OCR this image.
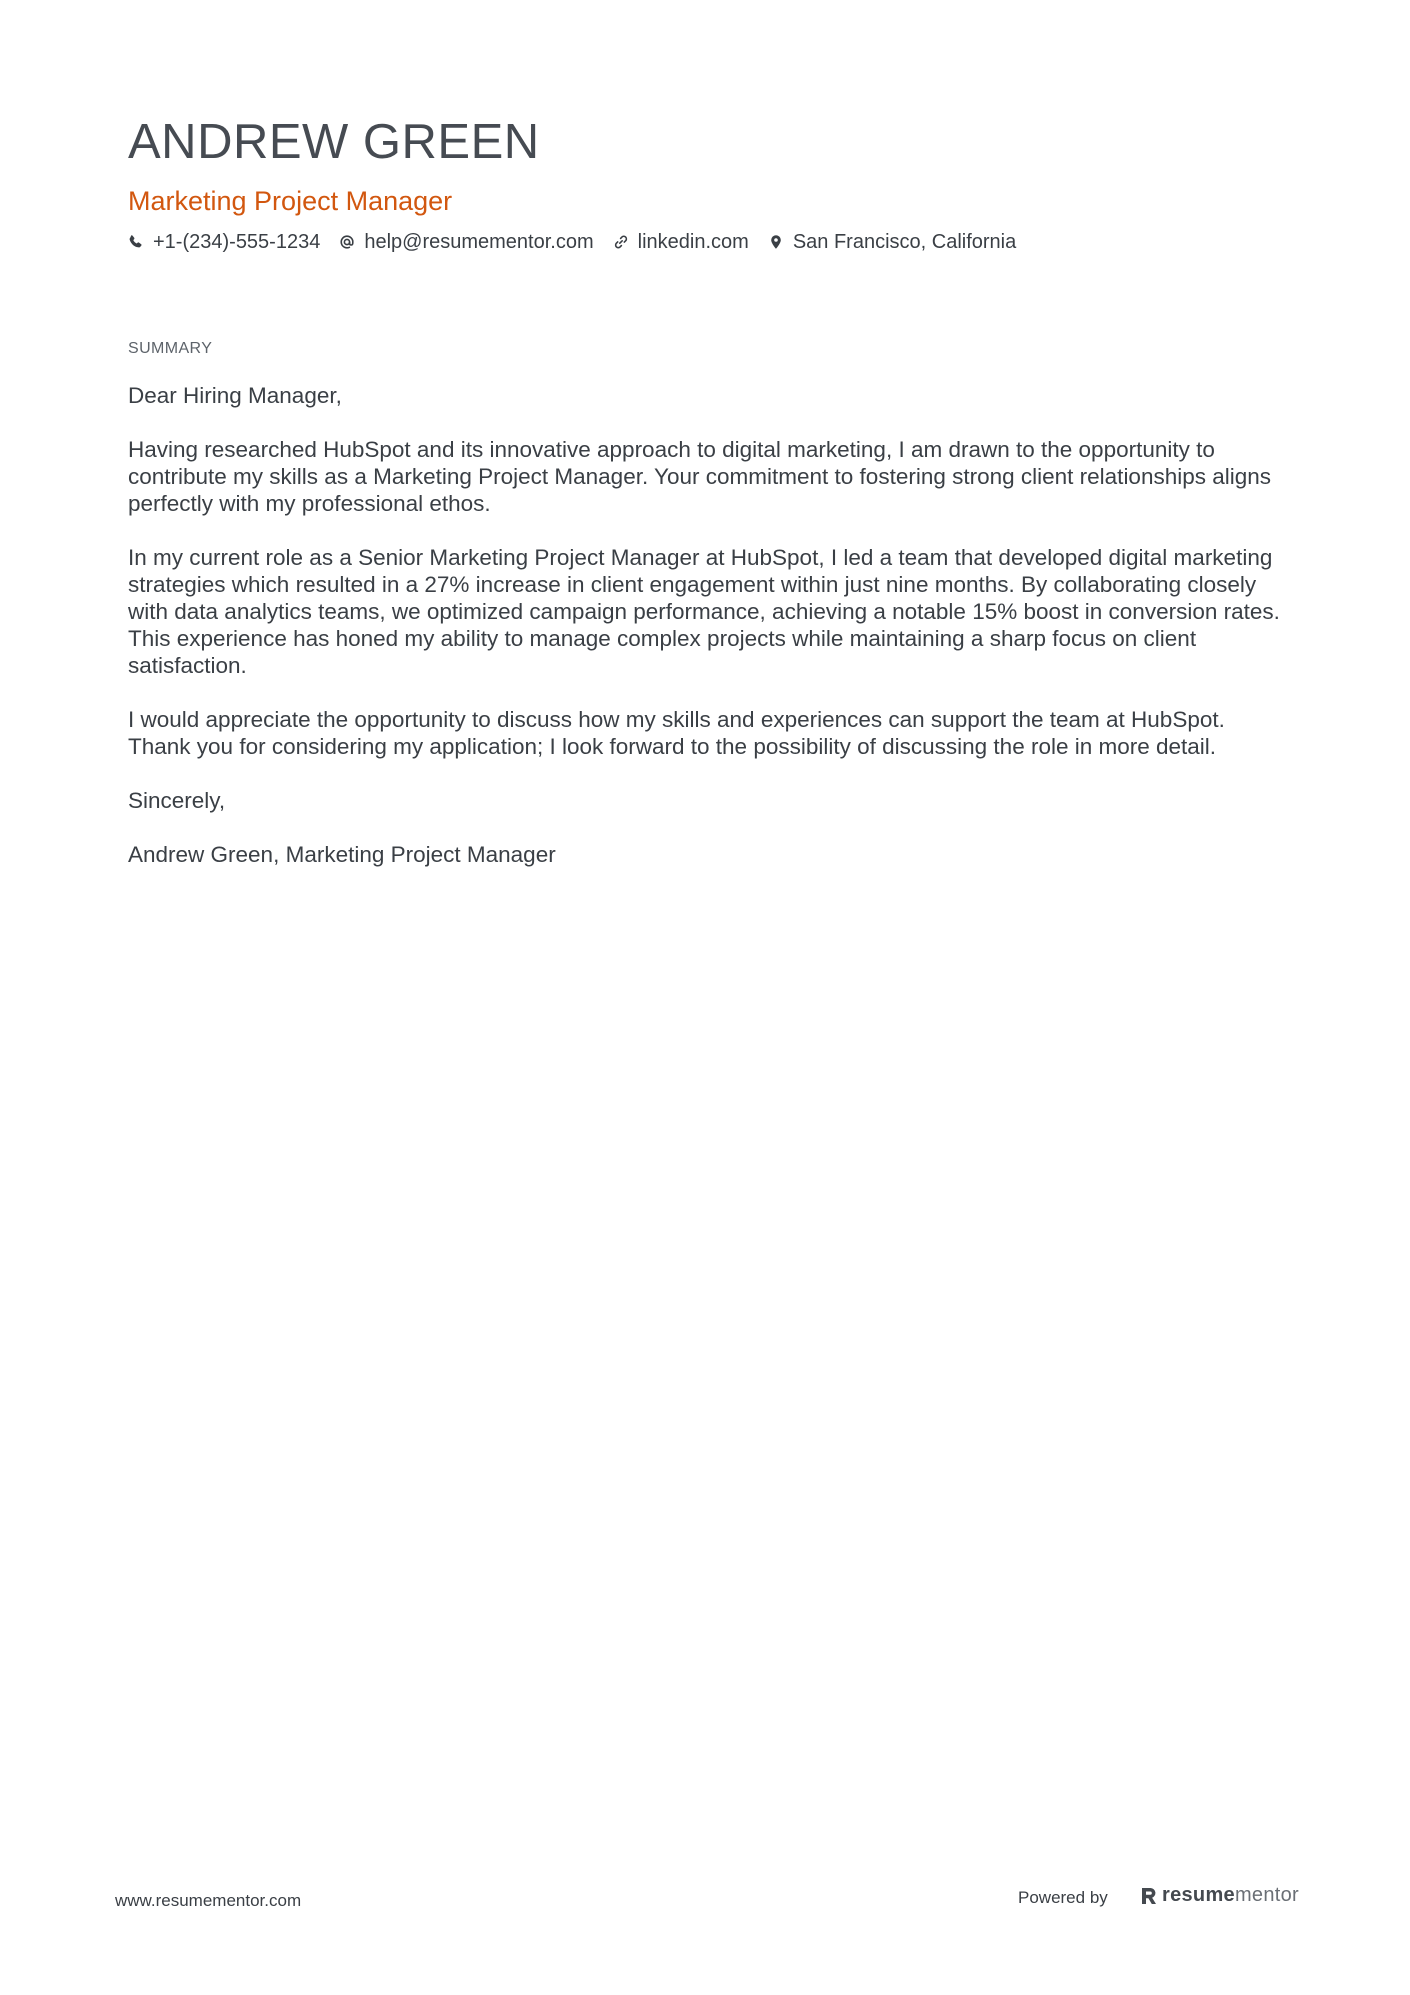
ANDREW GREEN
Marketing Project Manager
+1-(234)-555-1234 help@resumementor.com linkedin.com San Francisco, California
SUMMARY

Dear Hiring Manager,

Having researched HubSpot and its innovative approach to digital marketing, I am drawn to the opportunity to contribute my skills as a Marketing Project Manager. Your commitment to fostering strong client relationships aligns perfectly with my professional ethos.

In my current role as a Senior Marketing Project Manager at HubSpot, I led a team that developed digital marketing strategies which resulted in a 27% increase in client engagement within just nine months. By collaborating closely with data analytics teams, we optimized campaign performance, achieving a notable 15% boost in conversion rates. This experience has honed my ability to manage complex projects while maintaining a sharp focus on client satisfaction.

I would appreciate the opportunity to discuss how my skills and experiences can support the team at HubSpot. Thank you for considering my application; I look forward to the possibility of discussing the role in more detail.

Sincerely,

Andrew Green, Marketing Project Manager

www.resumementor.com	Powered by	resume mentor
